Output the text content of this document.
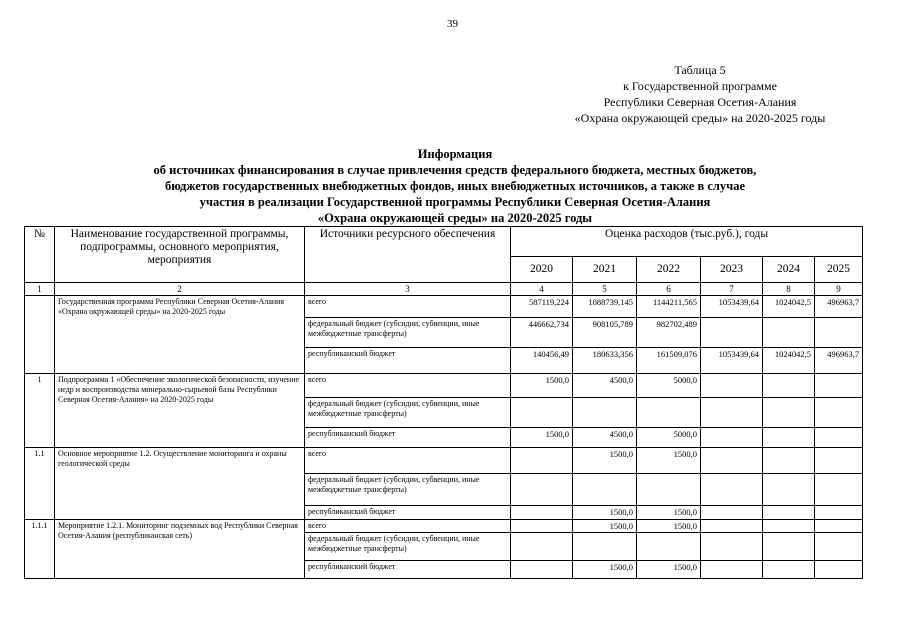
39
Таблица 5
к Государственной программе
Республики Северная Осетия-Алания
«Охрана окружающей среды» на 2020-2025 годы
Информация
об источниках финансирования в случае привлечения средств федерального бюджета, местных бюджетов,
бюджетов государственных внебюджетных фондов, иных внебюджетных источников, а также в случае
участия в реализации Государственной программы Республики Северная Осетия-Алания
«Охрана окружающей среды» на 2020-2025 годы
№	Наименование государственной программы, подпрограммы, основного мероприятия, мероприятия	Источники ресурсного обеспечения	Оценка расходов (тыс.руб.), годы					
			2020	2021	2022	2023	2024	2025
1	2	3	4	5	6	7	8	9
	Государственная программа Республики Северная Осетия-Алания «Охрана окружающей среды» на 2020-2025 годы	всего	587119,224	1088739,145	1144211,565	1053439,64	1024042,5	496963,7
		федеральный бюджет (субсидии, субвенции, иные межбюджетные трансферты)	446662,734	908105,789	982702,489			
		республиканский бюджет	140456,49	180633,356	161509,076	1053439,64	1024042,5	496963,7
1	Подпрограмма 1 «Обеспечение экологической безопасности, изучение недр и воспроизводства минерально-сырьевой базы Республики Северная Осетия-Алания» на 2020-2025 годы	всего	1500,0	4500,0	5000,0			
		федеральный бюджет (субсидии, субвенции, иные межбюджетные трансферты)						
		республиканский бюджет	1500,0	4500,0	5000,0			
1.1	Основное мероприятие 1.2. Осуществление мониторинга и охраны геологической среды	всего		1500,0	1500,0			
		федеральный бюджет (субсидии, субвенции, иные межбюджетные трансферты)						
		республиканский бюджет		1500,0	1500,0			
1.1.1	Мероприятие 1.2.1. Мониторинг подземных вод Республики Северная Осетия-Алания (республиканская сеть)	всего		1500,0	1500,0			
		федеральный бюджет (субсидии, субвенции, иные межбюджетные трансферты)						
		республиканский бюджет		1500,0	1500,0			
